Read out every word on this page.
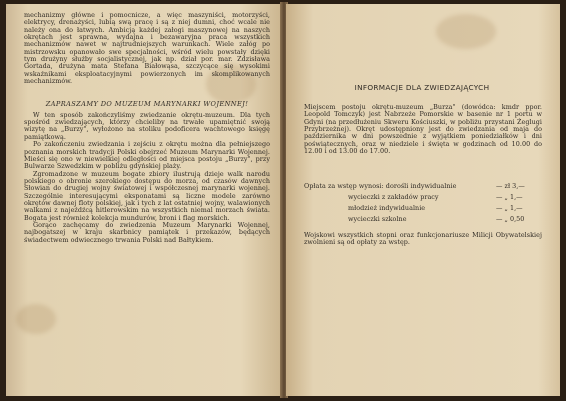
mechanizmy główne i pomocnicze, a więc maszyniści, motorzyści, elektrycy, drenażyści, lubią swą pracę i są z niej dumni, choć wcale nie należy ona do łatwych. Ambicją każdej załogi maszynowej na naszych okrętach jest sprawna, wydajna i bezawaryjna praca wszystkich mechanizmów nawet w najtrudniejszych warunkach. Wiele załóg po mistrzowsku opanowało swe specjalności, wśród wielu powstały dzięki tym drużyny służby socjalistycznej, jak np. dział por. mar. Zdzisława Gortada, drużyna mata Stefana Białowąsa, szczycące się wysokimi wskaźnikami eksploatacyjnymi powierzonych im skomplikowanych mechanizmów.

ZAPRASZAMY DO MUZEUM MARYNARKI WOJENNEJ!

W ten sposób zakończyliśmy zwiedzanie okrętu-muzeum. Dla tych spośród zwiedzających, którzy chcieliby na trwałe upamiętnić swoją wizytę na „Burzy", wyłożono na stoliku podoficera wachtowego księgę pamiątkową.

Po zakończeniu zwiedzania i zejściu z okrętu można dla pełniejszego poznania morskich tradycji Polski obejrzeć Muzeum Marynarki Wojennej. Mieści się ono w niewielkiej odległości od miejsca postoju „Burzy", przy Bulwarze Szwedzkim w pobliżu gdyńskiej plaży.

Zgromadzone w muzeum bogate zbiory ilustrują dzieje walk narodu polskiego o obronie szerokiego dostępu do morza, od czasów dawnych Słowian do drugiej wojny światowej i współczesnej marynarki wojennej. Szczególnie interesującymi eksponatami są liczne modele zarówno okrętów dawnej floty polskiej, jak i tych z lat ostatniej wojny, walawionych walkami z najeźdźcą hitlerowskim na wszystkich niemal morzach świata. Bogata jest również kolekcja mundurów, broni i flag morskich.

Gorąco zachęcamy do zwiedzenia Muzeum Marynarki Wojennej, najbogatszej w kraju skarbnicy pamiątek i przekazów, będących świadectwem odwiecznego trwania Polski nad Bałtykiem.

INFORMACJE DLA ZWIEDZAJĄCYCH

Miejscem postoju okrętu-muzeum „Burza" (dowódca: kmdr ppor. Leopold Tomczyk) jest Nabrzeże Pomorskie w basenie nr 1 portu w Gdyni (na przedłużeniu Skweru Kościuszki, w pobliżu przystani Żeglugi Przybrzeżnej). Okręt udostępniony jest do zwiedzania od maja do października w dni powszednie z wyjątkiem poniedziałków i dni poświątecznych, oraz w niedziele i święta w godzinach od 10.00 do 12.00 i od 13.00 do 17.00.

Opłata za wstęp wynosi: dorośli indywidualnie	— zł 3,—
wycieczki z zakładów pracy	— „ 1,—
młodzież indywidualnie	— „ 1,—
wycieczki szkolne	— „ 0,50

Wojskowi wszystkich stopni oraz funkcjonariusze Milicji Obywatelskiej zwolnieni są od opłaty za wstęp.
